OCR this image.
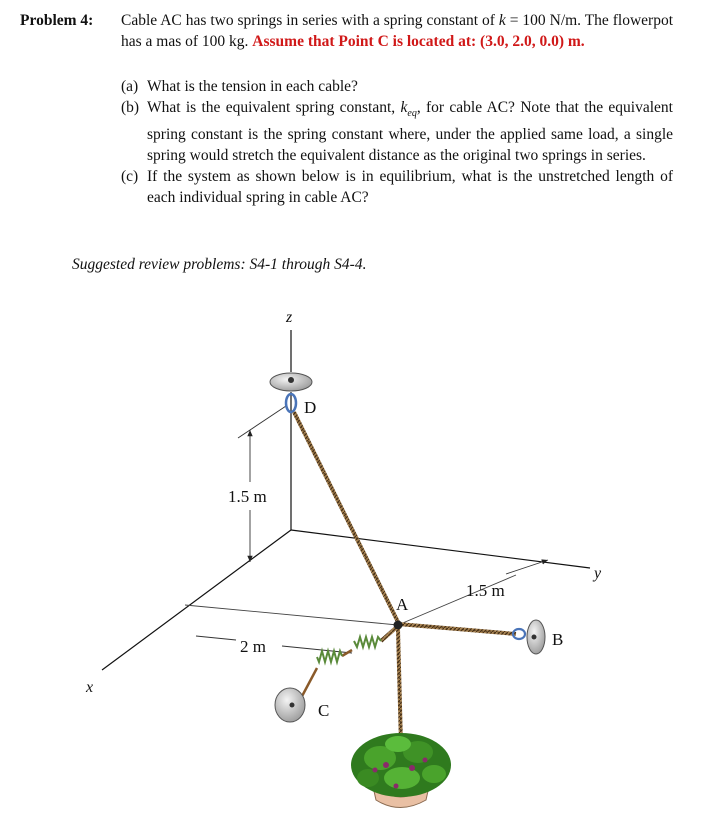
Problem 4: Cable AC has two springs in series with a spring constant of k = 100 N/m. The flowerpot has a mas of 100 kg. Assume that Point C is located at: (3.0, 2.0, 0.0) m.
(a) What is the tension in each cable?
(b) What is the equivalent spring constant, $k_{eq}$, for cable AC? Note that the equivalent spring constant is the spring constant where, under the applied same load, a single spring would stretch the equivalent distance as the original two springs in series.
(c) If the system as shown below is in equilibrium, what is the unstretched length of each individual spring in cable AC?
Suggested review problems: S4-1 through S4-4.
z
y
x
1.5 m
2 m
1.5 m
D
B
C
A
